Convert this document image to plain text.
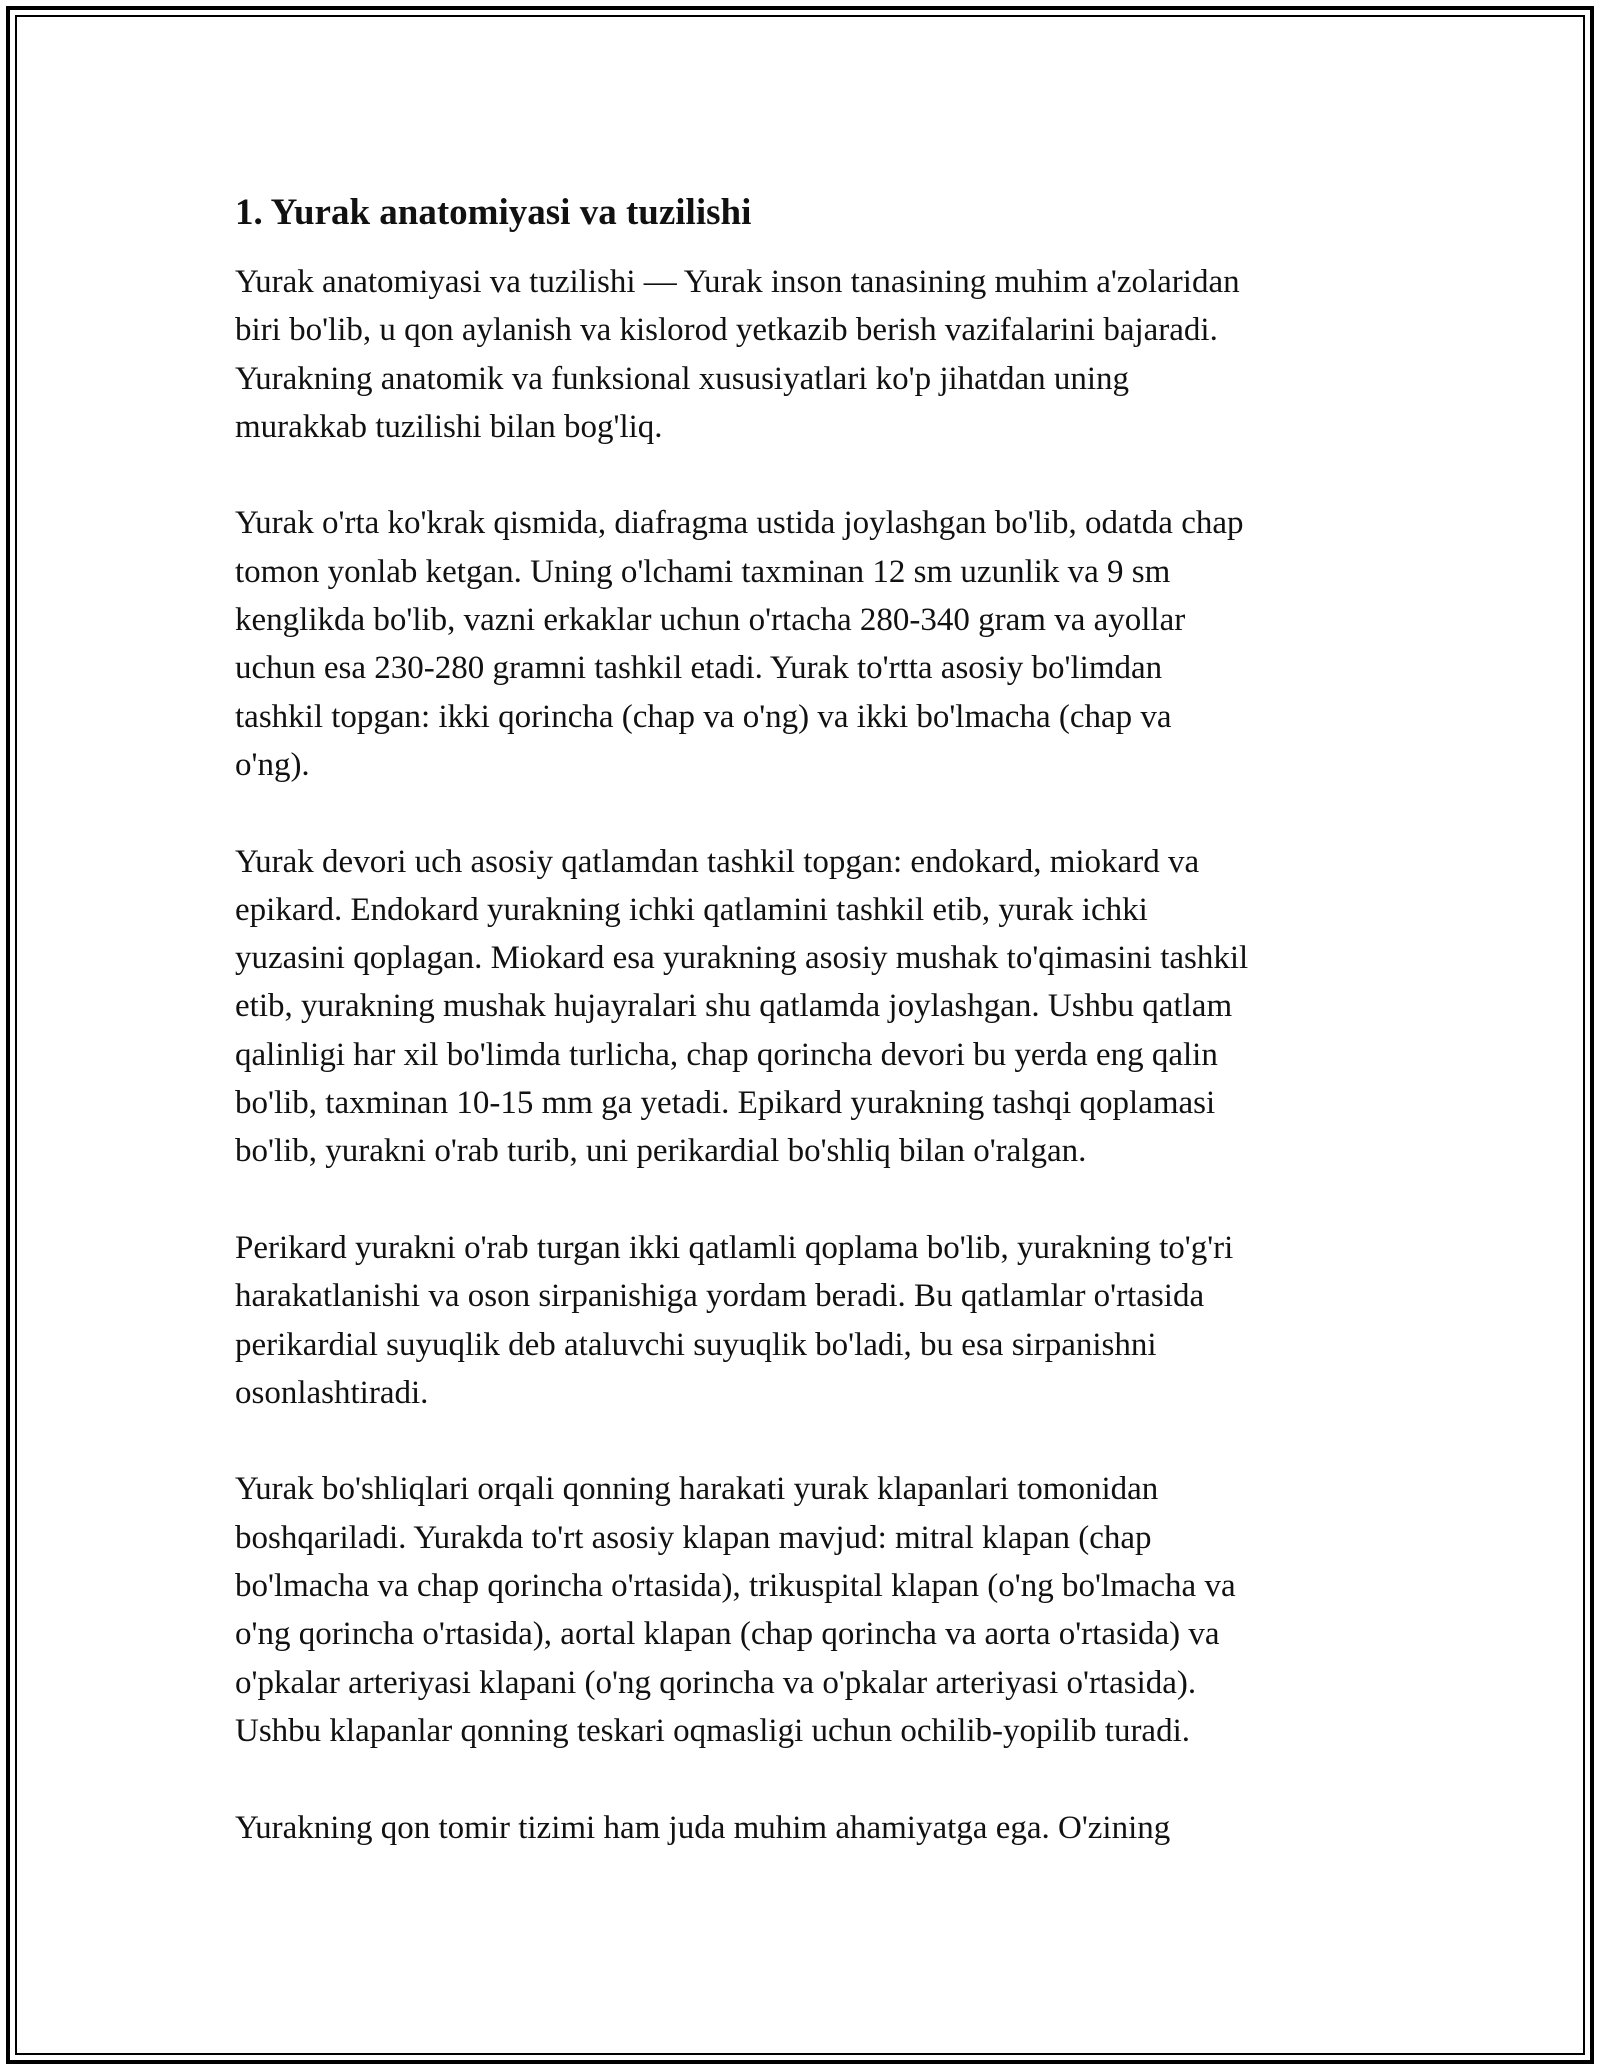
1. Yurak anatomiyasi va tuzilishi

Yurak anatomiyasi va tuzilishi — Yurak inson tanasining muhim a'zolaridan
biri bo'lib, u qon aylanish va kislorod yetkazib berish vazifalarini bajaradi.
Yurakning anatomik va funksional xususiyatlari ko'p jihatdan uning
murakkab tuzilishi bilan bog'liq.

Yurak o'rta ko'krak qismida, diafragma ustida joylashgan bo'lib, odatda chap
tomon yonlab ketgan. Uning o'lchami taxminan 12 sm uzunlik va 9 sm
kenglikda bo'lib, vazni erkaklar uchun o'rtacha 280-340 gram va ayollar
uchun esa 230-280 gramni tashkil etadi. Yurak to'rtta asosiy bo'limdan
tashkil topgan: ikki qorincha (chap va o'ng) va ikki bo'lmacha (chap va
o'ng).

Yurak devori uch asosiy qatlamdan tashkil topgan: endokard, miokard va
epikard. Endokard yurakning ichki qatlamini tashkil etib, yurak ichki
yuzasini qoplagan. Miokard esa yurakning asosiy mushak to'qimasini tashkil
etib, yurakning mushak hujayralari shu qatlamda joylashgan. Ushbu qatlam
qalinligi har xil bo'limda turlicha, chap qorincha devori bu yerda eng qalin
bo'lib, taxminan 10-15 mm ga yetadi. Epikard yurakning tashqi qoplamasi
bo'lib, yurakni o'rab turib, uni perikardial bo'shliq bilan o'ralgan.

Perikard yurakni o'rab turgan ikki qatlamli qoplama bo'lib, yurakning to'g'ri
harakatlanishi va oson sirpanishiga yordam beradi. Bu qatlamlar o'rtasida
perikardial suyuqlik deb ataluvchi suyuqlik bo'ladi, bu esa sirpanishni
osonlashtiradi.

Yurak bo'shliqlari orqali qonning harakati yurak klapanlari tomonidan
boshqariladi. Yurakda to'rt asosiy klapan mavjud: mitral klapan (chap
bo'lmacha va chap qorincha o'rtasida), trikuspital klapan (o'ng bo'lmacha va
o'ng qorincha o'rtasida), aortal klapan (chap qorincha va aorta o'rtasida) va
o'pkalar arteriyasi klapani (o'ng qorincha va o'pkalar arteriyasi o'rtasida).
Ushbu klapanlar qonning teskari oqmasligi uchun ochilib-yopilib turadi.

Yurakning qon tomir tizimi ham juda muhim ahamiyatga ega. O'zining
